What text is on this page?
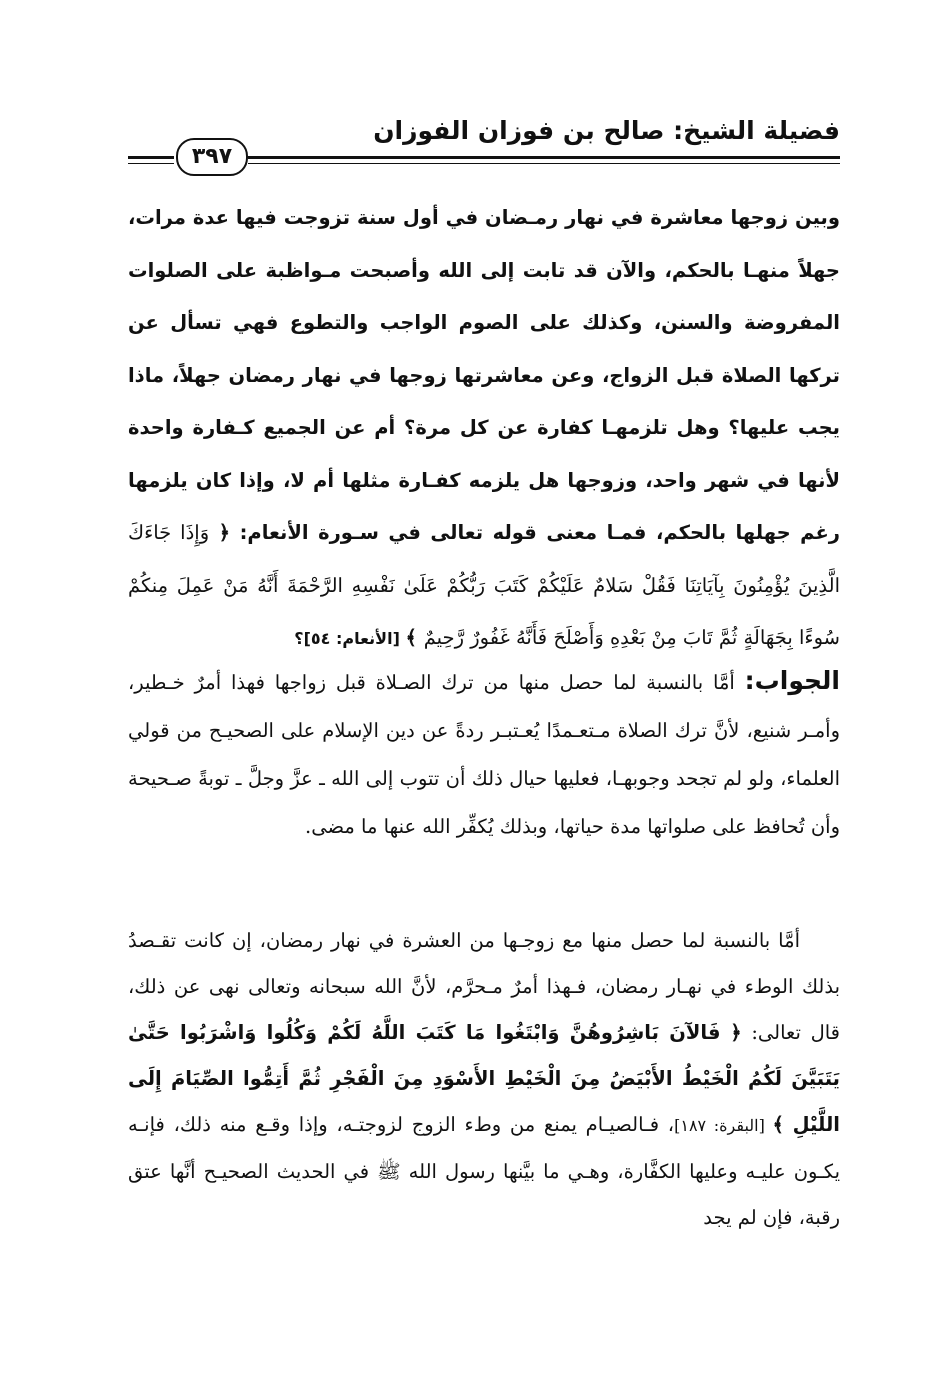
فضيلة الشيخ: صالح بن فوزان الفوزان
٣٩٧

وبين زوجها معاشرة في نهار رمـضان في أول سنة تزوجت فيها عدة مرات، جهلاً منهـا بالحكم، والآن قد تابت إلى الله وأصبحت مـواظبة على الصلوات المفروضة والسنن، وكذلك على الصوم الواجب والتطوع فهي تسأل عن تركها الصلاة قبل الزواج، وعن معاشرتها زوجها في نهار رمضان جهلاً، ماذا يجب عليها؟ وهل تلزمهـا كفارة عن كل مرة؟ أم عن الجميع كـفارة واحدة لأنها في شهر واحد، وزوجها هل يلزمه كفـارة مثلها أم لا، وإذا كان يلزمها رغم جهلها بالحكم، فمـا معنى قوله تعالى في سـورة الأنعام: ﴿ وَإِذَا جَاءَكَ الَّذِينَ يُؤْمِنُونَ بِآيَاتِنَا فَقُلْ سَلامٌ عَلَيْكُمْ كَتَبَ رَبُّكُمْ عَلَىٰ نَفْسِهِ الرَّحْمَةَ أَنَّهُ مَنْ عَمِلَ مِنكُمْ سُوءًا بِجَهَالَةٍ ثُمَّ تَابَ مِنْ بَعْدِهِ وَأَصْلَحَ فَأَنَّهُ غَفُورٌ رَّحِيمٌ ﴾ [الأنعام: ٥٤]؟

الجواب: أمَّا بالنسبة لما حصل منها من ترك الصـلاة قبل زواجها فهذا أمرٌ خـطير، وأمـر شنيع، لأنَّ ترك الصلاة مـتعـمدًا يُعـتبـر ردةً عن دين الإسلام على الصحيـح من قولي العلماء، ولو لم تجحد وجوبهـا، فعليها حيال ذلك أن تتوب إلى الله ـ عزَّ وجلَّ ـ توبةً صـحيحة وأن تُحافظ على صلواتها مدة حياتها، وبذلك يُكفِّر الله عنها ما مضى.

أمَّا بالنسبة لما حصل منها مع زوجـها من العشرة في نهار رمضان، إن كانت تقـصدُ بذلك الوطء في نهـار رمضان، فـهذا أمرٌ مـحرَّم، لأنَّ الله سبحانه وتعالى نهى عن ذلك، قال تعالى: ﴿ فَالآنَ بَاشِرُوهُنَّ وَابْتَغُوا مَا كَتَبَ اللَّهُ لَكُمْ وَكُلُوا وَاشْرَبُوا حَتَّىٰ يَتَبَيَّنَ لَكُمُ الْخَيْطُ الأَبْيَضُ مِنَ الْخَيْطِ الأَسْوَدِ مِنَ الْفَجْرِ ثُمَّ أَتِمُّوا الصِّيَامَ إِلَى اللَّيْلِ ﴾ [البقرة: ١٨٧]، فـالصيـام يمنع من وطء الزوج لزوجتـه، وإذا وقـع منه ذلك، فإنـه يكـون عليـه وعليها الكفَّارة، وهـي ما بيَّنها رسول الله ﷺ في الحديث الصحيـح أنَّها عتق رقبة، فإن لم يجد
